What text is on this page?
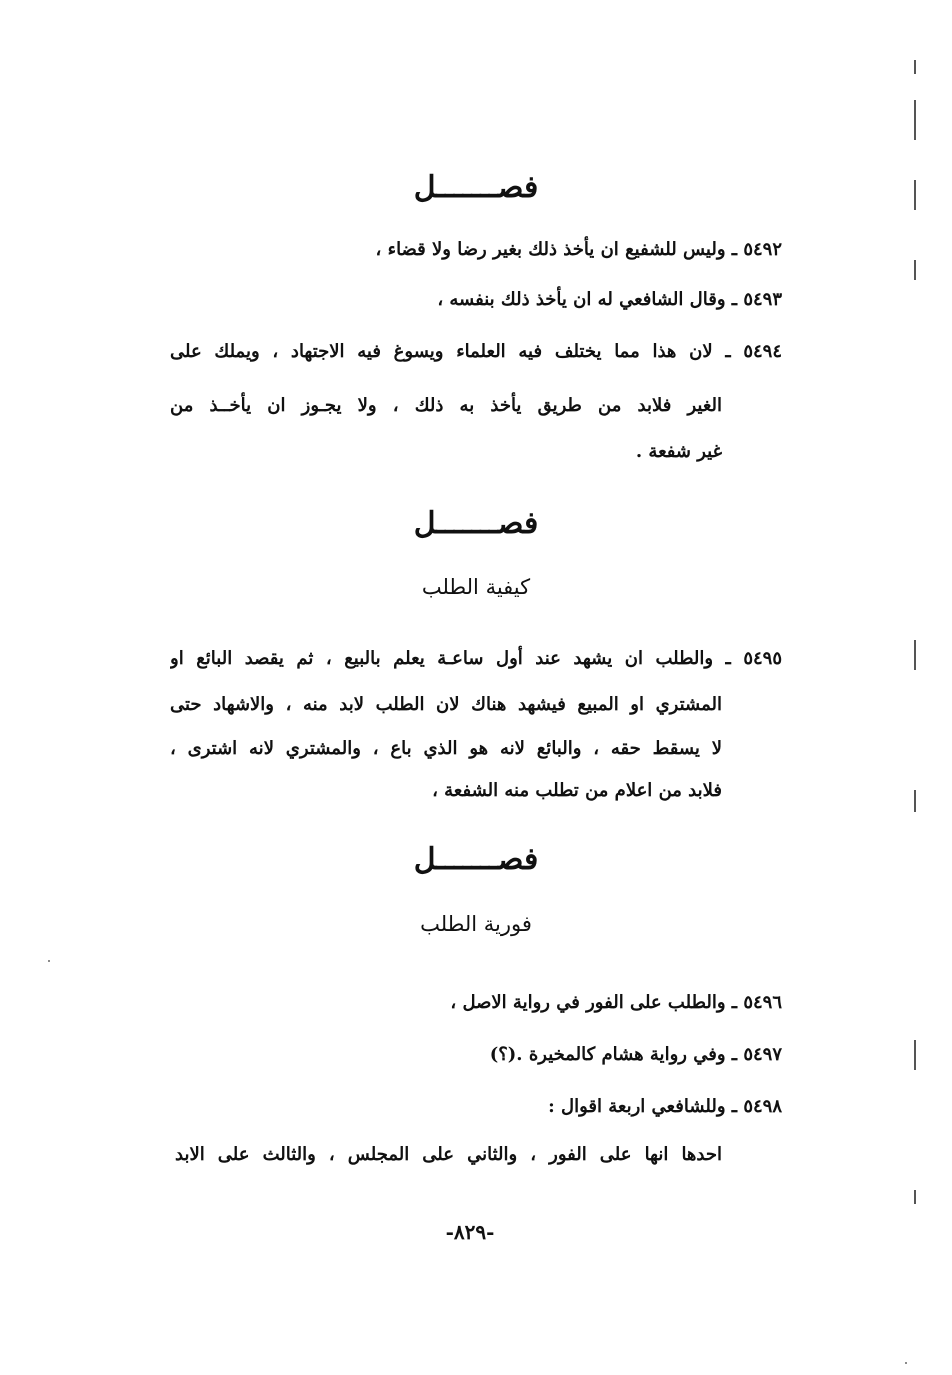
فصـــــــل
٥٤٩٢ ـ وليس للشفيع ان يأخذ ذلك بغير رضا ولا قضاء ،
٥٤٩٣ ـ وقال الشافعي له ان يأخذ ذلك بنفسه ،
٥٤٩٤ ـ لان هذا مما يختلف فيه العلماء ويسوغ فيه الاجتهاد ، ويملك على
الغير فلابد من طريق يأخذ به ذلك ، ولا يجـوز ان يأخــذ من
غير شفعة .
فصـــــــل
كيفية الطلب
٥٤٩٥ ـ والطلب ان يشهد عند أول ساعـة يعلم بالبيع ، ثم يقصد البائع او
المشتري او المبيع فيشهد هناك لان الطلب لابد منه ، والاشهاد حتى
لا يسقط حقه ، والبائع لانه هو الذي باع ، والمشتري لانه اشترى ،
فلابد من اعلام من تطلب منه الشفعة ،
فصـــــــل
فورية الطلب
٥٤٩٦ ـ والطلب على الفور في رواية الاصل ،
٥٤٩٧ ـ وفي رواية هشام كالمخيرة .(؟)
٥٤٩٨ ـ وللشافعي اربعة اقوال :
احدها انها على الفور ، والثاني على المجلس ، والثالث على الابد
-٨٢٩-
